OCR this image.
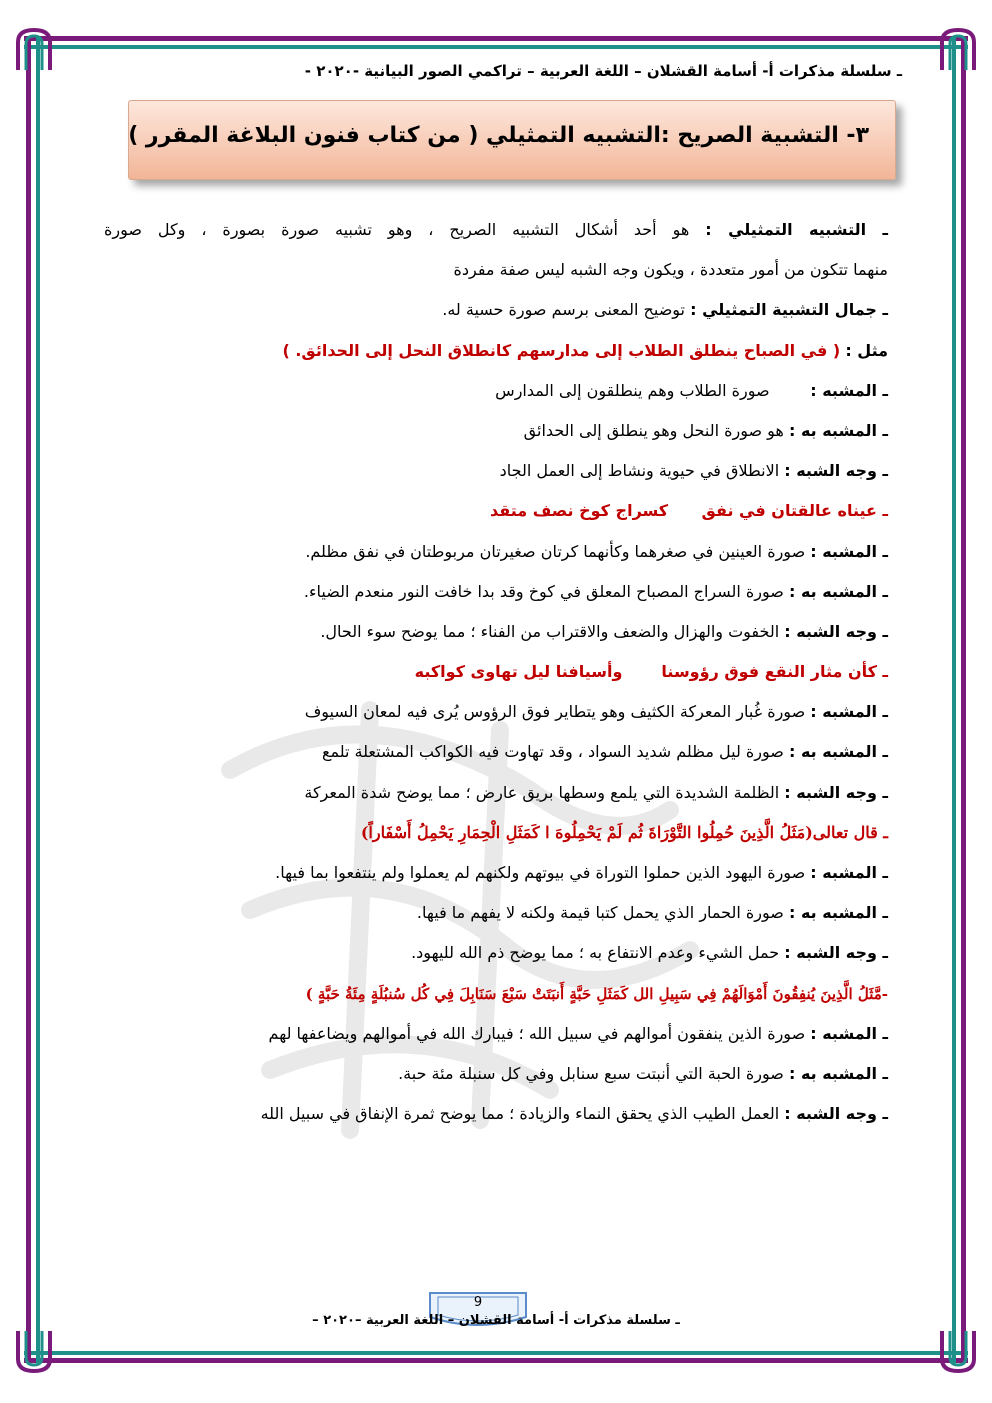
ـ سلسلة مذكرات أ- أسامة القشلان – اللغة العربية – تراكمي الصور البيانية -٢٠٢٠ -
٣- التشبية الصريح :التشبيه التمثيلي ( من كتاب فنون البلاغة المقرر )
ـ التشبيه التمثيلي : هو أحد أشكال التشبيه الصريح ، وهو تشبيه صورة بصورة ، وكل صورة
منهما تتكون من أمور متعددة ، ويكون وجه الشبه ليس صفة مفردة
ـ جمال التشبية التمثيلي : توضيح المعنى برسم صورة حسية له.
مثل : ( في الصباح ينطلق الطلاب إلى مدارسهم كانطلاق النحل إلى الحدائق. )
ـ المشبه :        صورة الطلاب وهم ينطلقون إلى المدارس
ـ المشبه به : هو صورة النحل وهو ينطلق إلى الحدائق
ـ وجه الشبه : الانطلاق في حيوية ونشاط إلى العمل الجاد
ـ عيناه عالقتان في نفق      كسراج كوخ نصف متقد
ـ المشبه : صورة العينين في صغرهما وكأنهما كرتان صغيرتان مربوطتان في نفق مظلم.
ـ المشبه به : صورة السراج المصباح المعلق في كوخ وقد بدا خافت النور منعدم الضياء.
ـ وجه الشبه : الخفوت والهزال والضعف والاقتراب من الفناء ؛ مما يوضح سوء الحال.
ـ كأن مثار النقع فوق رؤوسنا       وأسيافنا ليل تهاوى كواكبه
ـ المشبه : صورة غُبار المعركة الكثيف وهو يتطاير فوق الرؤوس يُرى فيه لمعان السيوف
ـ المشبه به : صورة ليل مظلم شديد السواد ، وقد تهاوت فيه الكواكب المشتعلة تلمع
ـ وجه الشبه : الظلمة الشديدة التي يلمع وسطها بريق عارض ؛ مما يوضح شدة المعركة
ـ قال تعالى(مَثَلُ الَّذِينَ حُمِلُوا التَّوْرَاةَ ثُم لَمْ يَحْمِلُوهَ ا كَمَثَلِ الْحِمَارِ يَحْمِلُ أَسْفَاراً)
ـ المشبه : صورة اليهود الذين حملوا التوراة في بيوتهم ولكنهم لم يعملوا ولم ينتفعوا بما فيها.
ـ المشبه به : صورة الحمار الذي يحمل كتبا قيمة ولكنه لا يفهم ما فيها.
ـ وجه الشبه : حمل الشيء وعدم الانتفاع به ؛ مما يوضح ذم الله لليهود.
-مَّثَلُ الَّذِينَ يُنفِقُونَ أَمْوَالَهُمْ فِي سَبِيلِ الل كَمَثَلِ حَبَّةٍ أَنبَتَتْ سَبْعَ سَنَابِلَ فِي كُل سُنبُلَةٍ مِئَةُ حَبَّةٍ )
ـ المشبه : صورة الذين ينفقون أموالهم في سبيل الله ؛ فيبارك الله في أموالهم ويضاعفها لهم
ـ المشبه به : صورة الحبة التي أنبتت سبع سنابل وفي كل سنبلة مئة حبة.
ـ وجه الشبه : العمل الطيب الذي يحقق النماء والزيادة ؛ مما يوضح ثمرة الإنفاق في سبيل الله
9
ـ سلسلة مذكرات أ- أسامة القشلان – اللغة العربية –٢٠٢٠ –
